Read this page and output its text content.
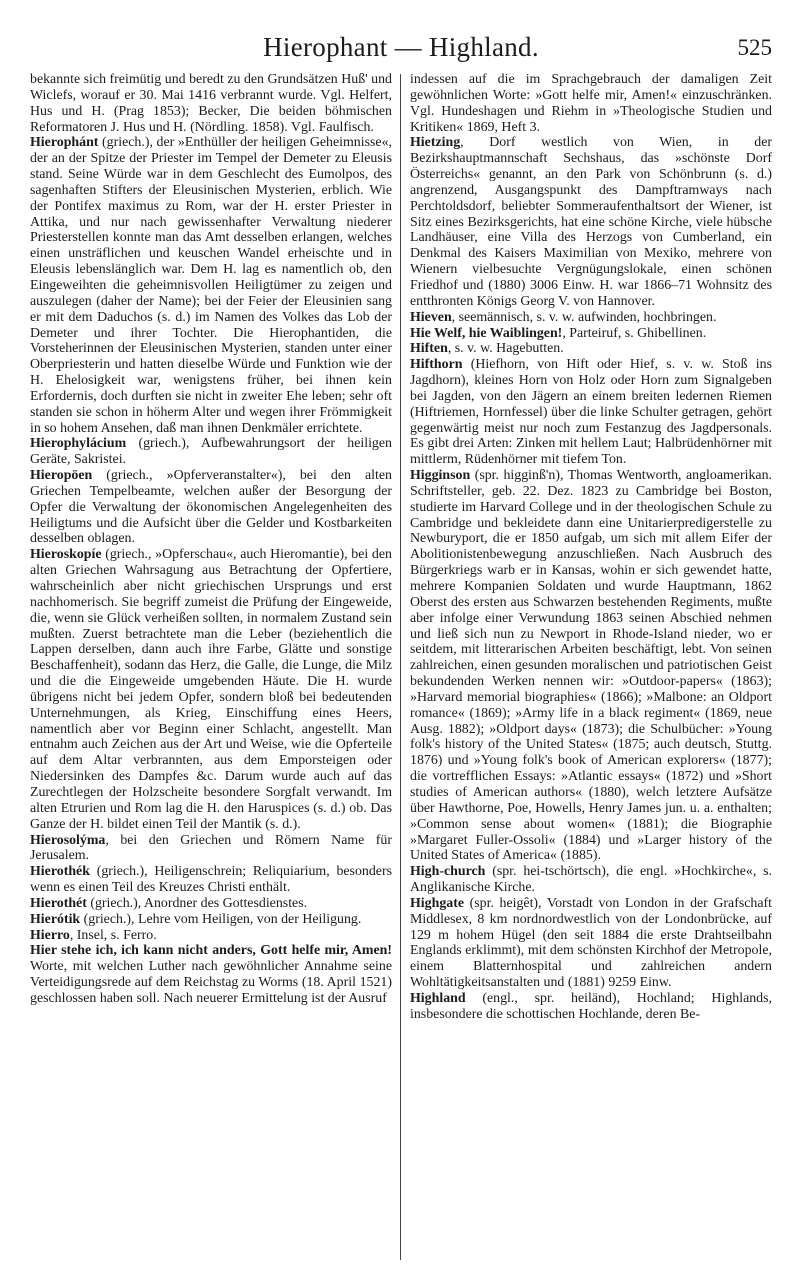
Hierophant — Highland.	525

bekannte sich freimütig und beredt zu den Grundsätzen Huß' und Wiclefs, worauf er 30. Mai 1416 verbrannt wurde. Vgl. Helfert, Hus und H. (Prag 1853); Becker, Die beiden böhmischen Reformatoren J. Hus und H. (Nördling. 1858). Vgl. Faulfisch.

Hierophánt (griech.), der »Enthüller der heiligen Geheimnisse«, der an der Spitze der Priester im Tempel der Demeter zu Eleusis stand. Seine Würde war in dem Geschlecht des Eumolpos, des sagenhaften Stifters der Eleusinischen Mysterien, erblich. Wie der Pontifex maximus zu Rom, war der H. erster Priester in Attika, und nur nach gewissenhafter Verwaltung niederer Priesterstellen konnte man das Amt desselben erlangen, welches einen unsträflichen und keuschen Wandel erheischte und in Eleusis lebenslänglich war. Dem H. lag es namentlich ob, den Eingeweihten die geheimnisvollen Heiligtümer zu zeigen und auszulegen (daher der Name); bei der Feier der Eleusinien sang er mit dem Daduchos (s. d.) im Namen des Volkes das Lob der Demeter und ihrer Tochter. Die Hierophantiden, die Vorsteherinnen der Eleusinischen Mysterien, standen unter einer Oberpriesterin und hatten dieselbe Würde und Funktion wie der H. Ehelosigkeit war, wenigstens früher, bei ihnen kein Erfordernis, doch durften sie nicht in zweiter Ehe leben; sehr oft standen sie schon in höherm Alter und wegen ihrer Frömmigkeit in so hohem Ansehen, daß man ihnen Denkmäler errichtete.

Hierophylácium (griech.), Aufbewahrungsort der heiligen Geräte, Sakristei.

Hieropöen (griech., »Opferveranstalter«), bei den alten Griechen Tempelbeamte, welchen außer der Besorgung der Opfer die Verwaltung der ökonomischen Angelegenheiten des Heiligtums und die Aufsicht über die Gelder und Kostbarkeiten desselben oblagen.

Hieroskopíe (griech., »Opferschau«, auch Hieromantie), bei den alten Griechen Wahrsagung aus Betrachtung der Opfertiere, wahrscheinlich aber nicht griechischen Ursprungs und erst nachhomerisch. Sie begriff zumeist die Prüfung der Eingeweide, die, wenn sie Glück verheißen sollten, in normalem Zustand sein mußten. Zuerst betrachtete man die Leber (beziehentlich die Lappen derselben, dann auch ihre Farbe, Glätte und sonstige Beschaffenheit), sodann das Herz, die Galle, die Lunge, die Milz und die die Eingeweide umgebenden Häute. Die H. wurde übrigens nicht bei jedem Opfer, sondern bloß bei bedeutenden Unternehmungen, als Krieg, Einschiffung eines Heers, namentlich aber vor Beginn einer Schlacht, angestellt. Man entnahm auch Zeichen aus der Art und Weise, wie die Opferteile auf dem Altar verbrannten, aus dem Emporsteigen oder Niedersinken des Dampfes &c. Darum wurde auch auf das Zurechtlegen der Holzscheite besondere Sorgfalt verwandt. Im alten Etrurien und Rom lag die H. den Haruspices (s. d.) ob. Das Ganze der H. bildet einen Teil der Mantik (s. d.).

Hierosolýma, bei den Griechen und Römern Name für Jerusalem.

Hierothék (griech.), Heiligenschrein; Reliquiarium, besonders wenn es einen Teil des Kreuzes Christi enthält.

Hierothét (griech.), Anordner des Gottesdienstes.

Hierótik (griech.), Lehre vom Heiligen, von der Heiligung.

Hierro, Insel, s. Ferro.

Hier stehe ich, ich kann nicht anders, Gott helfe mir, Amen! Worte, mit welchen Luther nach gewöhnlicher Annahme seine Verteidigungsrede auf dem Reichstag zu Worms (18. April 1521) geschlossen haben soll. Nach neuerer Ermittelung ist der Ausruf

indessen auf die im Sprachgebrauch der damaligen Zeit gewöhnlichen Worte: »Gott helfe mir, Amen!« einzuschränken. Vgl. Hundeshagen und Riehm in »Theologische Studien und Kritiken« 1869, Heft 3.

Hietzing, Dorf westlich von Wien, in der Bezirkshauptmannschaft Sechshaus, das »schönste Dorf Österreichs« genannt, an den Park von Schönbrunn (s. d.) angrenzend, Ausgangspunkt des Dampftramways nach Perchtoldsdorf, beliebter Sommeraufenthaltsort der Wiener, ist Sitz eines Bezirksgerichts, hat eine schöne Kirche, viele hübsche Landhäuser, eine Villa des Herzogs von Cumberland, ein Denkmal des Kaisers Maximilian von Mexiko, mehrere von Wienern vielbesuchte Vergnügungslokale, einen schönen Friedhof und (1880) 3006 Einw. H. war 1866–71 Wohnsitz des entthronten Königs Georg V. von Hannover.

Hieven, seemännisch, s. v. w. aufwinden, hochbringen.

Hie Welf, hie Waiblingen!, Parteiruf, s. Ghibellinen.

Hiften, s. v. w. Hagebutten.

Hifthorn (Hiefhorn, von Hift oder Hief, s. v. w. Stoß ins Jagdhorn), kleines Horn von Holz oder Horn zum Signalgeben bei Jagden, von den Jägern an einem breiten ledernen Riemen (Hiftriemen, Hornfessel) über die linke Schulter getragen, gehört gegenwärtig meist nur noch zum Festanzug des Jagdpersonals. Es gibt drei Arten: Zinken mit hellem Laut; Halbrüdenhörner mit mittlerm, Rüdenhörner mit tiefem Ton.

Higginson (spr. higginß'n), Thomas Wentworth, angloamerikan. Schriftsteller, geb. 22. Dez. 1823 zu Cambridge bei Boston, studierte im Harvard College und in der theologischen Schule zu Cambridge und bekleidete dann eine Unitarierpredigerstelle zu Newburyport, die er 1850 aufgab, um sich mit allem Eifer der Abolitionistenbewegung anzuschließen. Nach Ausbruch des Bürgerkriegs warb er in Kansas, wohin er sich gewendet hatte, mehrere Kompanien Soldaten und wurde Hauptmann, 1862 Oberst des ersten aus Schwarzen bestehenden Regiments, mußte aber infolge einer Verwundung 1863 seinen Abschied nehmen und ließ sich nun zu Newport in Rhode-Island nieder, wo er seitdem, mit litterarischen Arbeiten beschäftigt, lebt. Von seinen zahlreichen, einen gesunden moralischen und patriotischen Geist bekundenden Werken nennen wir: »Outdoor-papers« (1863); »Harvard memorial biographies« (1866); »Malbone: an Oldport romance« (1869); »Army life in a black regiment« (1869, neue Ausg. 1882); »Oldport days« (1873); die Schulbücher: »Young folk's history of the United States« (1875; auch deutsch, Stuttg. 1876) und »Young folk's book of American explorers« (1877); die vortrefflichen Essays: »Atlantic essays« (1872) und »Short studies of American authors« (1880), welch letztere Aufsätze über Hawthorne, Poe, Howells, Henry James jun. u. a. enthalten; »Common sense about women« (1881); die Biographie »Margaret Fuller-Ossoli« (1884) und »Larger history of the United States of America« (1885).

High-church (spr. hei-tschörtsch), die engl. »Hochkirche«, s. Anglikanische Kirche.

Highgate (spr. heigêt), Vorstadt von London in der Grafschaft Middlesex, 8 km nordnordwestlich von der Londonbrücke, auf 129 m hohem Hügel (den seit 1884 die erste Drahtseilbahn Englands erklimmt), mit dem schönsten Kirchhof der Metropole, einem Blatternhospital und zahlreichen andern Wohltätigkeitsanstalten und (1881) 9259 Einw.

Highland (engl., spr. heiländ), Hochland; Highlands, insbesondere die schottischen Hochlande, deren Be-
